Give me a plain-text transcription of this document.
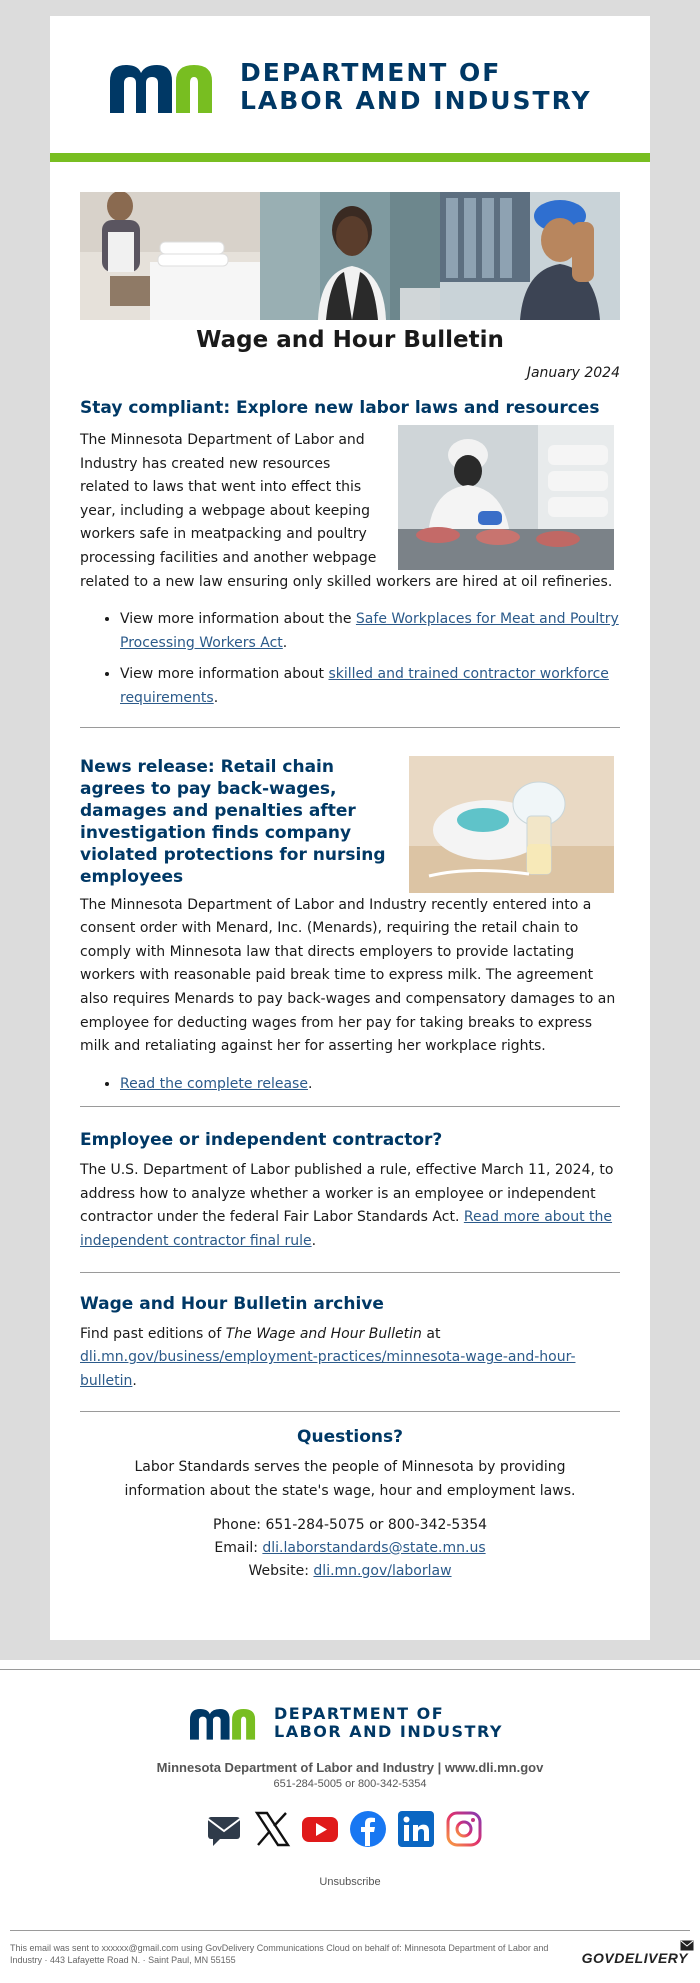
DEPARTMENT OF
LABOR AND INDUSTRY
Wage and Hour Bulletin
January 2024
Stay compliant: Explore new labor laws and resources

The Minnesota Department of Labor and Industry has created new resources related to laws that went into effect this year, including a webpage about keeping workers safe in meatpacking and poultry processing facilities and another webpage related to a new law ensuring only skilled workers are hired at oil refineries.

• View more information about the Safe Workplaces for Meat and Poultry Processing Workers Act.
• View more information about skilled and trained contractor workforce requirements.
News release: Retail chain agrees to pay back-wages, damages and penalties after investigation finds company violated protections for nursing employees

The Minnesota Department of Labor and Industry recently entered into a consent order with Menard, Inc. (Menards), requiring the retail chain to comply with Minnesota law that directs employers to provide lactating workers with reasonable paid break time to express milk. The agreement also requires Menards to pay back-wages and compensatory damages to an employee for deducting wages from her pay for taking breaks to express milk and retaliating against her for asserting her workplace rights.

• Read the complete release.
Employee or independent contractor?

The U.S. Department of Labor published a rule, effective March 11, 2024, to address how to analyze whether a worker is an employee or independent contractor under the federal Fair Labor Standards Act. Read more about the independent contractor final rule.

Wage and Hour Bulletin archive

Find past editions of The Wage and Hour Bulletin at
dli.mn.gov/business/employment-practices/minnesota-wage-and-hour-bulletin.

Questions?

Labor Standards serves the people of Minnesota by providing information about the state's wage, hour and employment laws.

Phone: 651-284-5075 or 800-342-5354
Email: dli.laborstandards@state.mn.us
Website: dli.mn.gov/laborlaw
DEPARTMENT OF
LABOR AND INDUSTRY
Minnesota Department of Labor and Industry | www.dli.mn.gov
651-284-5005 or 800-342-5354
Unsubscribe
This email was sent to xxxxxx@gmail.com using GovDelivery Communications Cloud on behalf of: Minnesota Department of Labor and Industry · 443 Lafayette Road N. · Saint Paul, MN 55155	GOVDELIVERY
